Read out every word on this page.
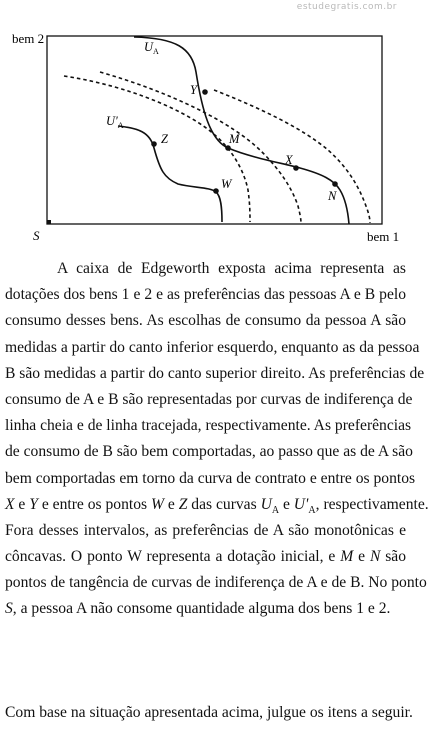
estudegratis.com.br
bem 2
bem 1
S
$U_A$
$U'_A$
Y
M
Z
X
W
N
A caixa de Edgeworth exposta acima representa as
dotações dos bens 1 e 2 e as preferências das pessoas A e B pelo
consumo desses bens. As escolhas de consumo da pessoa A são
medidas a partir do canto inferior esquerdo, enquanto as da pessoa
B são medidas a partir do canto superior direito. As preferências de
consumo de A e B são representadas por curvas de indiferença de
linha cheia e de linha tracejada, respectivamente. As preferências
de consumo de B são bem comportadas, ao passo que as de A são
bem comportadas em torno da curva de contrato e entre os pontos
X e Y e entre os pontos W e Z das curvas $U_A$ e $U'_A$, respectivamente.
Fora desses intervalos, as preferências de A são monotônicas e
côncavas. O ponto W representa a dotação inicial, e M e N são
pontos de tangência de curvas de indiferença de A e de B. No ponto
S, a pessoa A não consome quantidade alguma dos bens 1 e 2.
Com base na situação apresentada acima, julgue os itens a seguir.
